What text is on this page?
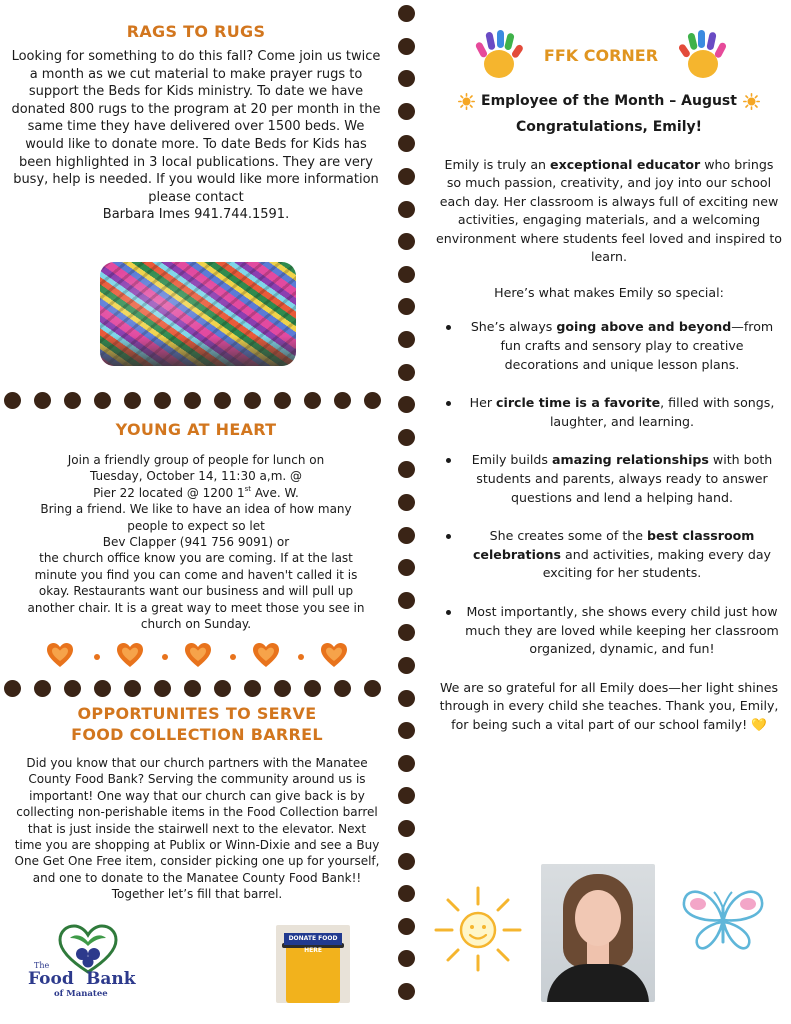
RAGS TO RUGS

Looking for something to do this fall? Come join us twice a month as we cut material to make prayer rugs to support the Beds for Kids ministry. To date we have donated 800 rugs to the program at 20 per month in the same time they have delivered over 1500 beds. We would like to donate more. To date Beds for Kids has been highlighted in 3 local publications. They are very busy, help is needed. If you would like more information please contact

Barbara Imes 941.744.1591.

YOUNG AT HEART

Join a friendly group of people for lunch on

Tuesday, October 14, 11:30 a,m. @

Pier 22 located @ 1200 1st Ave. W.

Bring a friend. We like to have an idea of how many people to expect so let

Bev Clapper (941 756 9091) or

the church office know you are coming. If at the last minute you find you can come and haven't called it is okay. Restaurants want our business and will pull up another chair. It is a great way to meet those you see in church on Sunday.

OPPORTUNITES TO SERVE
FOOD COLLECTION BARREL

Did you know that our church partners with the Manatee County Food Bank? Serving the community around us is important! One way that our church can give back is by collecting non-perishable items in the Food Collection barrel that is just inside the stairwell next to the elevator. Next time you are shopping at Publix or Winn-Dixie and see a Buy One Get One Free item, consider picking one up for yourself, and one to donate to the Manatee County Food Bank!! Together let’s fill that barrel.

The
Food Bank
of Manatee
DONATE FOOD HERE
FFK CORNER
Employee of the Month – August
Congratulations, Emily!

Emily is truly an exceptional educator who brings so much passion, creativity, and joy into our school each day. Her classroom is always full of exciting new activities, engaging materials, and a welcoming environment where students feel loved and inspired to learn.

Here’s what makes Emily so special:

She’s always going above and beyond—from fun crafts and sensory play to creative decorations and unique lesson plans.
Her circle time is a favorite, filled with songs, laughter, and learning.
Emily builds amazing relationships with both students and parents, always ready to answer questions and lend a helping hand.
She creates some of the best classroom celebrations and activities, making every day exciting for her students.
Most importantly, she shows every child just how much they are loved while keeping her classroom organized, dynamic, and fun!

We are so grateful for all Emily does—her light shines through in every child she teaches. Thank you, Emily, for being such a vital part of our school family! 💛
